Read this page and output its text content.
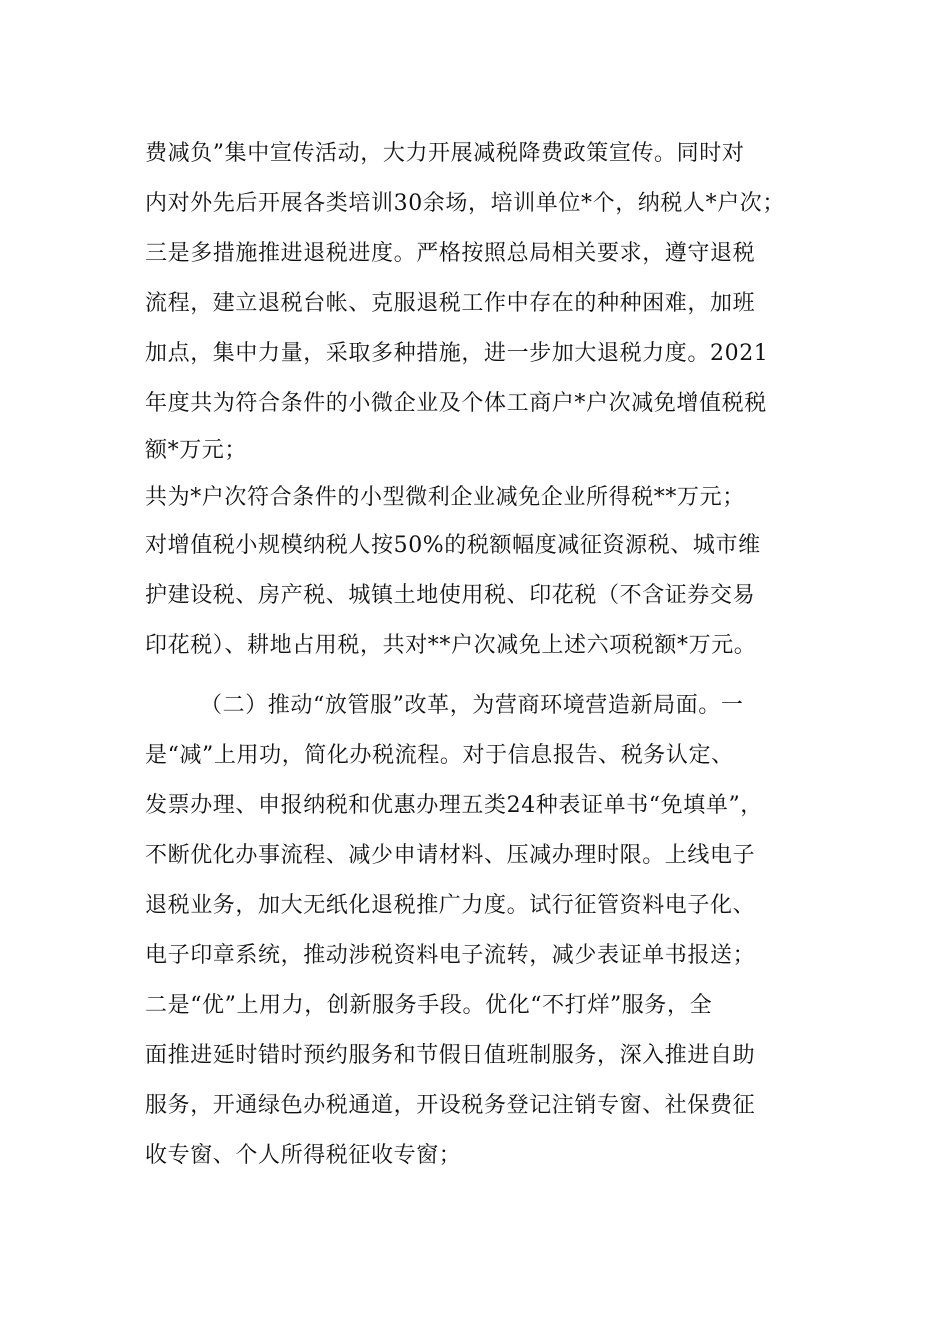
费减负”集中宣传活动，大力开展减税降费政策宣传。同时对
内对外先后开展各类培训30余场，培训单位*个，纳税人*户次；
三是多措施推进退税进度。严格按照总局相关要求，遵守退税
流程，建立退税台帐、克服退税工作中存在的种种困难，加班
加点，集中力量，采取多种措施，进一步加大退税力度。2021
年度共为符合条件的小微企业及个体工商户*户次减免增值税税
额*万元；
共为*户次符合条件的小型微利企业减免企业所得税**万元；
对增值税小规模纳税人按50%的税额幅度减征资源税、城市维
护建设税、房产税、城镇土地使用税、印花税（不含证券交易
印花税）、耕地占用税，共对**户次减免上述六项税额*万元。
（二）推动“放管服”改革，为营商环境营造新局面。一
是“减”上用功，简化办税流程。对于信息报告、税务认定、
发票办理、申报纳税和优惠办理五类24种表证单书“免填单”，
不断优化办事流程、减少申请材料、压减办理时限。上线电子
退税业务，加大无纸化退税推广力度。试行征管资料电子化、
电子印章系统，推动涉税资料电子流转，减少表证单书报送；
二是“优”上用力，创新服务手段。优化“不打烊”服务，全
面推进延时错时预约服务和节假日值班制服务，深入推进自助
服务，开通绿色办税通道，开设税务登记注销专窗、社保费征
收专窗、个人所得税征收专窗；
